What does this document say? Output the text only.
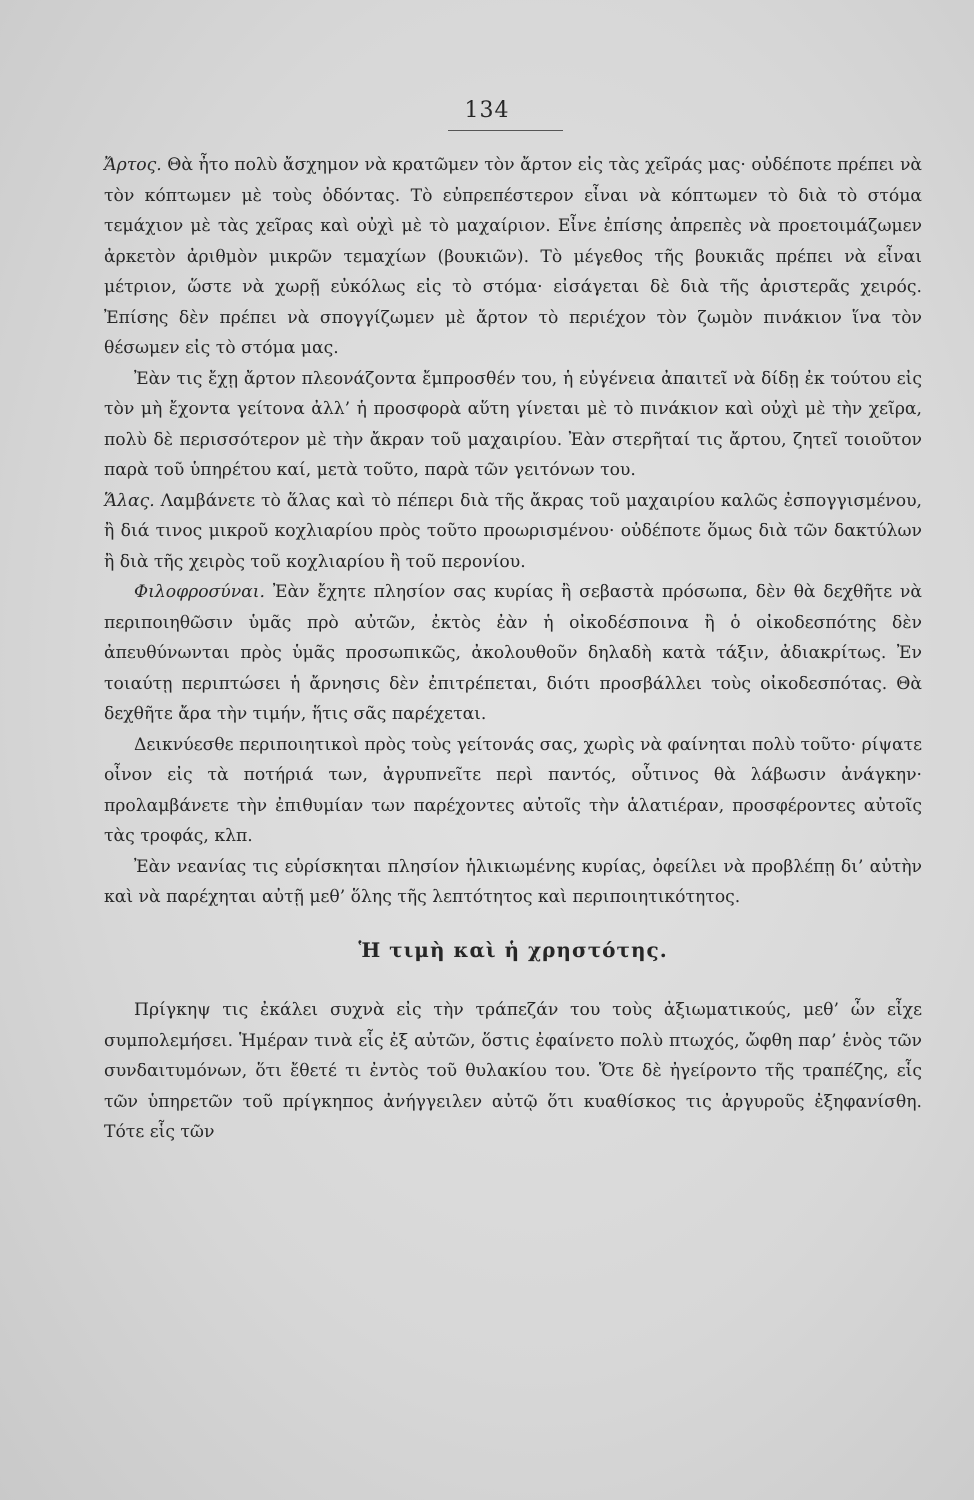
134

Ἄρτος. Θὰ ἦτο πολὺ ἄσχημον νὰ κρατῶμεν τὸν ἄρτον εἰς τὰς χεῖράς μας· οὐδέποτε πρέπει νὰ τὸν κόπτωμεν μὲ τοὺς ὀδόντας. Τὸ εὐπρεπέστερον εἶναι νὰ κόπτωμεν τὸ διὰ τὸ στόμα τεμάχιον μὲ τὰς χεῖρας καὶ οὐχὶ μὲ τὸ μαχαίριον. Εἶνε ἐπίσης ἀπρεπὲς νὰ προετοιμάζωμεν ἀρκετὸν ἀριθμὸν μικρῶν τεμαχίων (βουκιῶν). Τὸ μέγεθος τῆς βουκιᾶς πρέπει νὰ εἶναι μέτριον, ὥστε νὰ χωρῇ εὐκόλως εἰς τὸ στόμα· εἰσάγεται δὲ διὰ τῆς ἀριστερᾶς χειρός. Ἐπίσης δὲν πρέπει νὰ σπογγίζωμεν μὲ ἄρτον τὸ περιέχον τὸν ζωμὸν πινάκιον ἵνα τὸν θέσωμεν εἰς τὸ στόμα μας.

Ἐὰν τις ἔχῃ ἄρτον πλεονάζοντα ἔμπροσθέν του, ἡ εὐγένεια ἀπαιτεῖ νὰ δίδῃ ἐκ τούτου εἰς τὸν μὴ ἔχοντα γείτονα ἀλλ’ ἡ προσφορὰ αὕτη γίνεται μὲ τὸ πινάκιον καὶ οὐχὶ μὲ τὴν χεῖρα, πολὺ δὲ περισσότερον μὲ τὴν ἄκραν τοῦ μαχαιρίου. Ἐὰν στερῆταί τις ἄρτου, ζητεῖ τοιοῦτον παρὰ τοῦ ὑπηρέτου καί, μετὰ τοῦτο, παρὰ τῶν γειτόνων του.

Ἅλας. Λαμβάνετε τὸ ἅλας καὶ τὸ πέπερι διὰ τῆς ἄκρας τοῦ μαχαιρίου καλῶς ἐσπογγισμένου, ἢ διά τινος μικροῦ κοχλιαρίου πρὸς τοῦτο προωρισμένου· οὐδέποτε ὅμως διὰ τῶν δακτύλων ἢ διὰ τῆς χειρὸς τοῦ κοχλιαρίου ἢ τοῦ περονίου.

Φιλοφροσύναι. Ἐὰν ἔχητε πλησίον σας κυρίας ἢ σεβαστὰ πρόσωπα, δὲν θὰ δεχθῆτε νὰ περιποιηθῶσιν ὑμᾶς πρὸ αὐτῶν, ἐκτὸς ἐὰν ἡ οἰκοδέσποινα ἢ ὁ οἰκοδεσπότης δὲν ἀπευθύνωνται πρὸς ὑμᾶς προσωπικῶς, ἀκολουθοῦν δηλαδὴ κατὰ τάξιν, ἀδιακρίτως. Ἐν τοιαύτῃ περιπτώσει ἡ ἄρνησις δὲν ἐπιτρέπεται, διότι προσβάλλει τοὺς οἰκοδεσπότας. Θὰ δεχθῆτε ἄρα τὴν τιμήν, ἥτις σᾶς παρέχεται.

Δεικνύεσθε περιποιητικοὶ πρὸς τοὺς γείτονάς σας, χωρὶς νὰ φαίνηται πολὺ τοῦτο· ρίψατε οἶνον εἰς τὰ ποτήριά των, ἀγρυπνεῖτε περὶ παντός, οὗτινος θὰ λάβωσιν ἀνάγκην· προλαμβάνετε τὴν ἐπιθυμίαν των παρέχοντες αὐτοῖς τὴν ἁλατιέραν, προσφέροντες αὐτοῖς τὰς τροφάς, κλπ.

Ἐὰν νεανίας τις εὑρίσκηται πλησίον ἡλικιωμένης κυρίας, ὀφείλει νὰ προβλέπῃ δι’ αὐτὴν καὶ νὰ παρέχηται αὐτῇ μεθ’ ὅλης τῆς λεπτότητος καὶ περιποιητικότητος.

Ἡ τιμὴ καὶ ἡ χρηστότης.

Πρίγκηψ τις ἐκάλει συχνὰ εἰς τὴν τράπεζάν του τοὺς ἀξιωματικούς, μεθ’ ὧν εἶχε συμπολεμήσει. Ἡμέραν τινὰ εἷς ἐξ αὐτῶν, ὅστις ἐφαίνετο πολὺ πτωχός, ὤφθη παρ’ ἑνὸς τῶν συνδαιτυμόνων, ὅτι ἔθετέ τι ἐντὸς τοῦ θυλακίου του. Ὅτε δὲ ἠγείροντο τῆς τραπέζης, εἷς τῶν ὑπηρετῶν τοῦ πρίγκηπος ἀνήγγειλεν αὐτῷ ὅτι κυαθίσκος τις ἀργυροῦς ἐξηφανίσθη. Τότε εἷς τῶν
